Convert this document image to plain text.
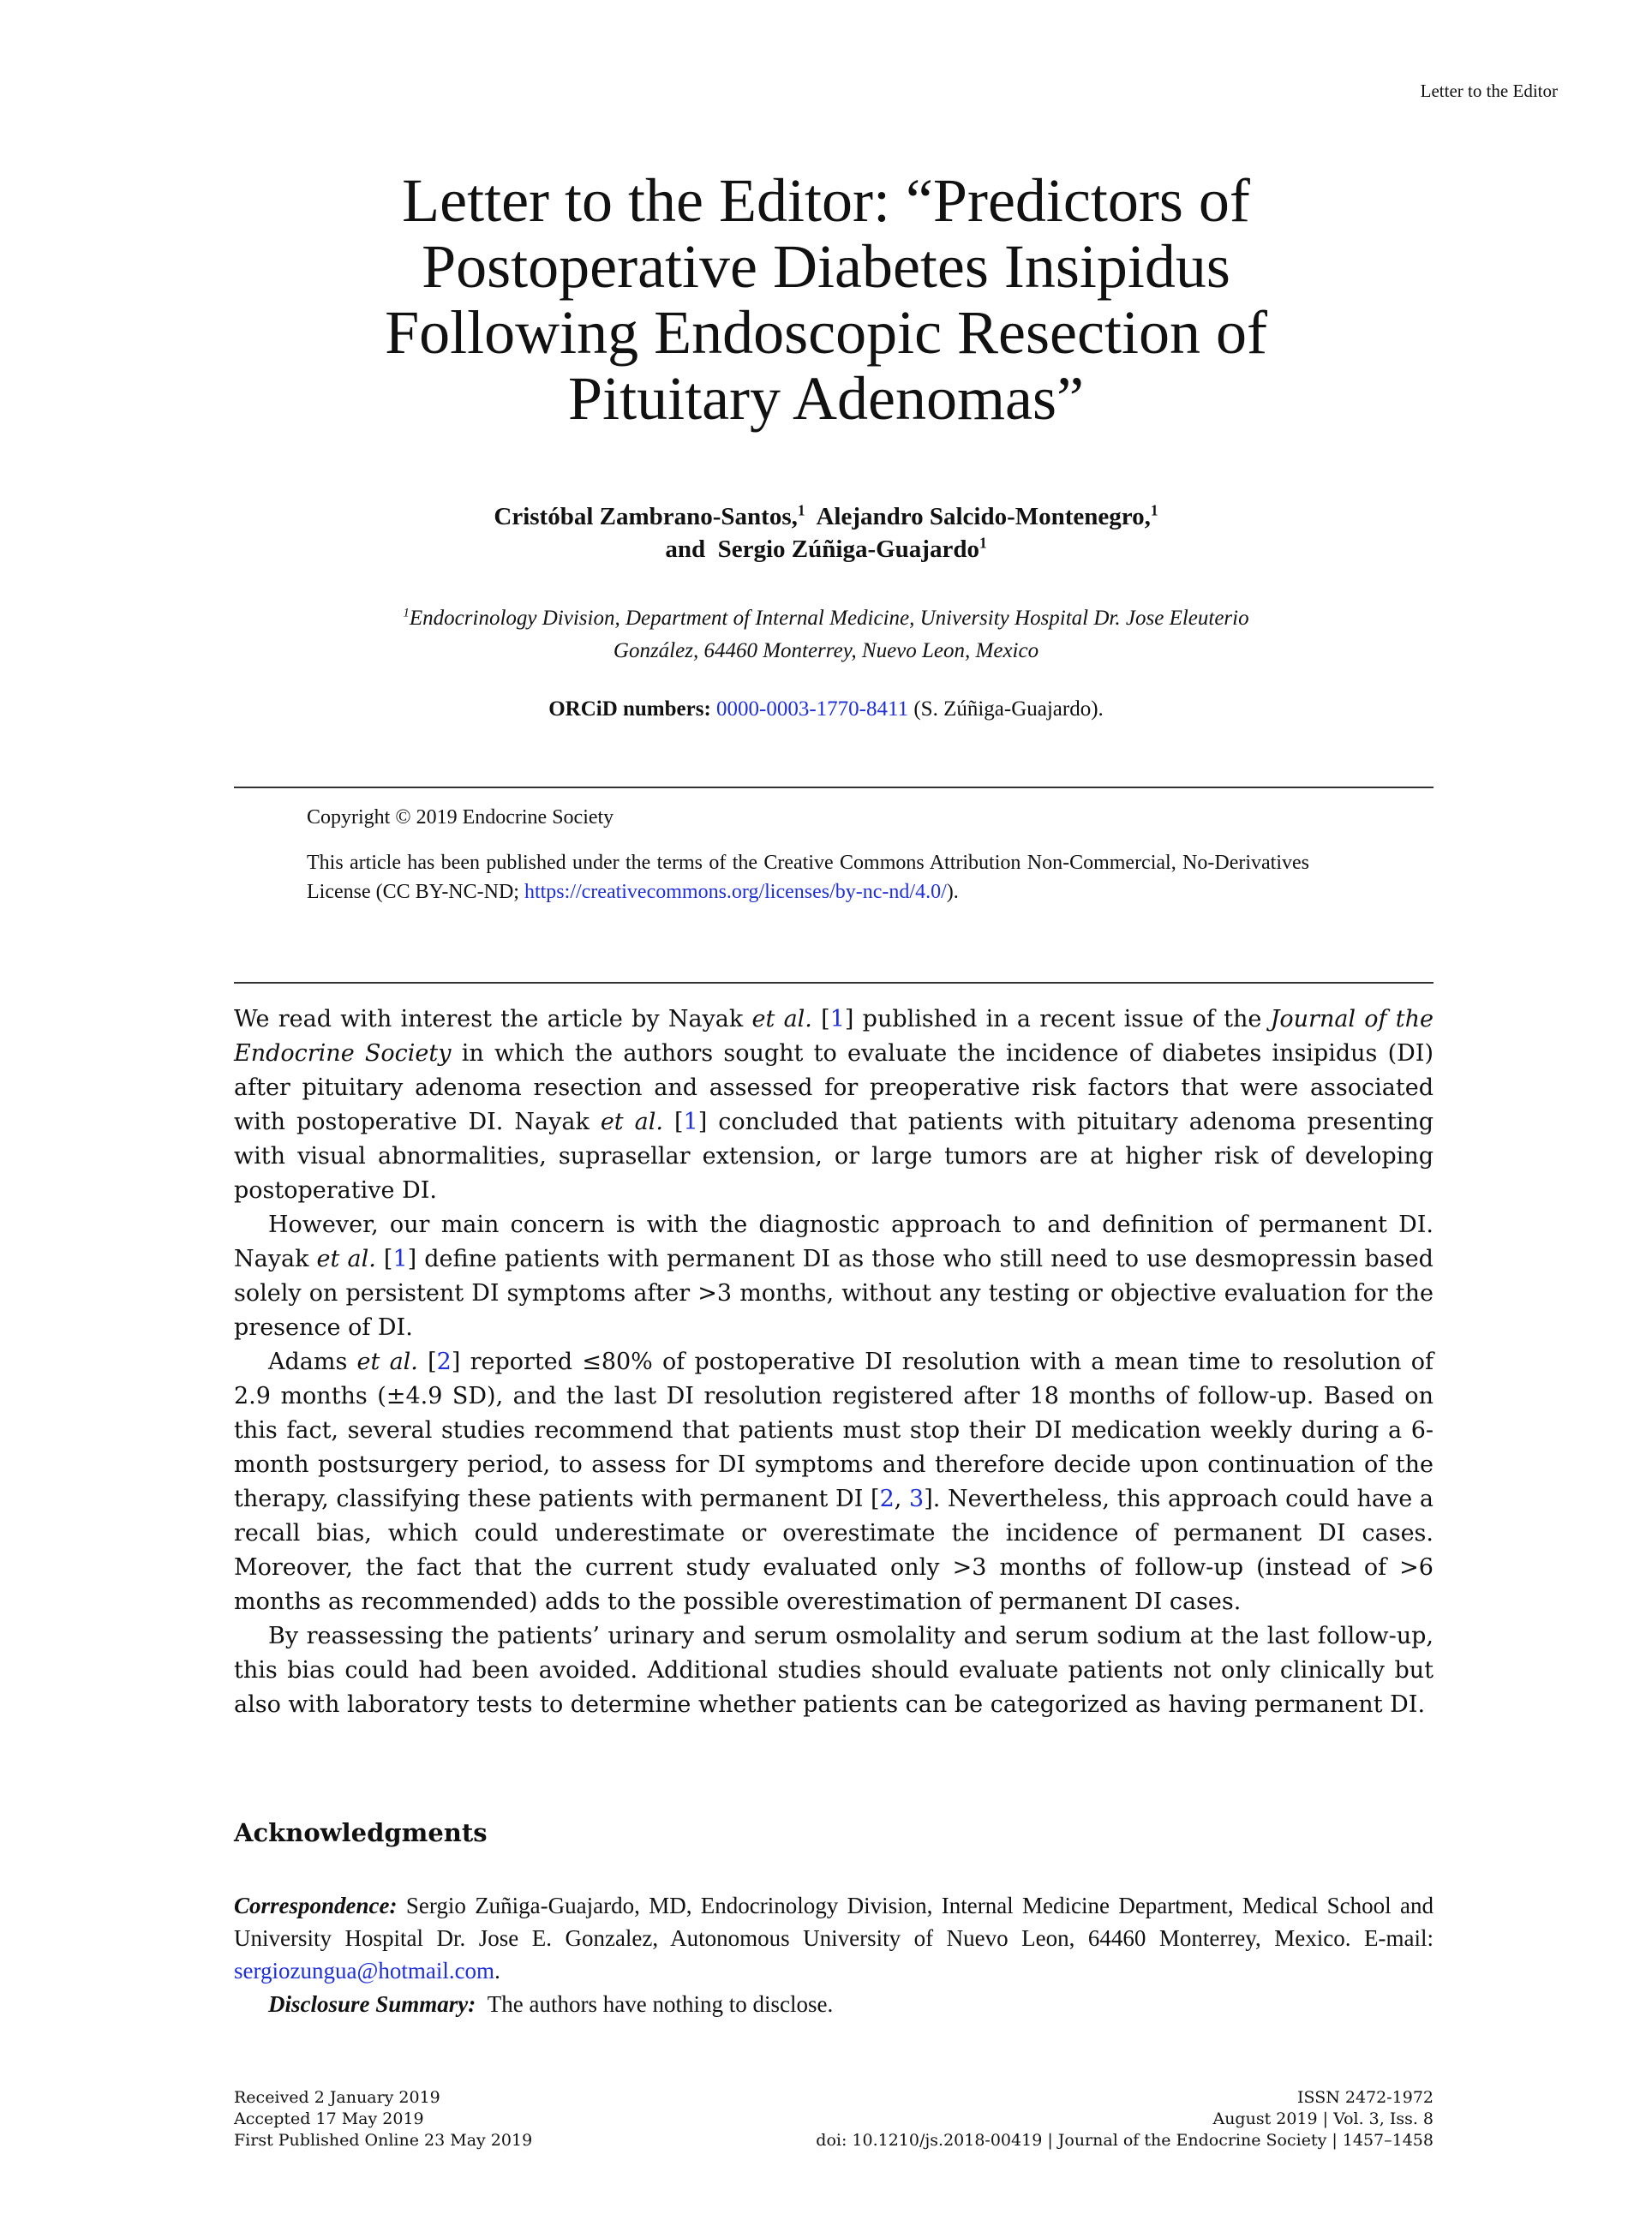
Letter to the Editor
Letter to the Editor: “Predictors of
Postoperative Diabetes Insipidus
Following Endoscopic Resection of
Pituitary Adenomas”
Cristóbal Zambrano-Santos,$^1$ Alejandro Salcido-Montenegro,$^1$
and Sergio Zúñiga-Guajardo$^1$
$^1$Endocrinology Division, Department of Internal Medicine, University Hospital Dr. Jose Eleuterio
González, 64460 Monterrey, Nuevo Leon, Mexico
ORCiD numbers: 0000-0003-1770-8411 (S. Zúñiga-Guajardo).
Copyright © 2019 Endocrine Society
This article has been published under the terms of the Creative Commons Attribution Non-Commercial, No-Derivatives License (CC BY-NC-ND; https://creativecommons.org/licenses/by-nc-nd/4.0/).

We read with interest the article by Nayak et al. [1] published in a recent issue of the Journal of the Endocrine Society in which the authors sought to evaluate the incidence of diabetes insipidus (DI) after pituitary adenoma resection and assessed for preoperative risk factors that were associated with postoperative DI. Nayak et al. [1] concluded that patients with pituitary adenoma presenting with visual abnormalities, suprasellar extension, or large tumors are at higher risk of developing postoperative DI.

However, our main concern is with the diagnostic approach to and definition of permanent DI. Nayak et al. [1] define patients with permanent DI as those who still need to use desmopressin based solely on persistent DI symptoms after >3 months, without any testing or objective evaluation for the presence of DI.

Adams et al. [2] reported ≤80% of postoperative DI resolution with a mean time to resolution of 2.9 months (±4.9 SD), and the last DI resolution registered after 18 months of follow-up. Based on this fact, several studies recommend that patients must stop their DI medication weekly during a 6-month postsurgery period, to assess for DI symptoms and therefore decide upon continuation of the therapy, classifying these patients with permanent DI [2, 3]. Nevertheless, this approach could have a recall bias, which could underestimate or overestimate the incidence of permanent DI cases. Moreover, the fact that the current study evaluated only >3 months of follow-up (instead of >6 months as recommended) adds to the possible overestimation of permanent DI cases.

By reassessing the patients’ urinary and serum osmolality and serum sodium at the last follow-up, this bias could had been avoided. Additional studies should evaluate patients not only clinically but also with laboratory tests to determine whether patients can be categorized as having permanent DI.

Acknowledgments
Correspondence: Sergio Zuñiga-Guajardo, MD, Endocrinology Division, Internal Medicine Department, Medical School and University Hospital Dr. Jose E. Gonzalez, Autonomous University of Nuevo Leon, 64460 Monterrey, Mexico. E-mail: sergiozungua@hotmail.com.
Disclosure Summary: The authors have nothing to disclose.
Received 2 January 2019
Accepted 17 May 2019
First Published Online 23 May 2019
ISSN 2472-1972
August 2019 | Vol. 3, Iss. 8
doi: 10.1210/js.2018-00419 | Journal of the Endocrine Society | 1457–1458
